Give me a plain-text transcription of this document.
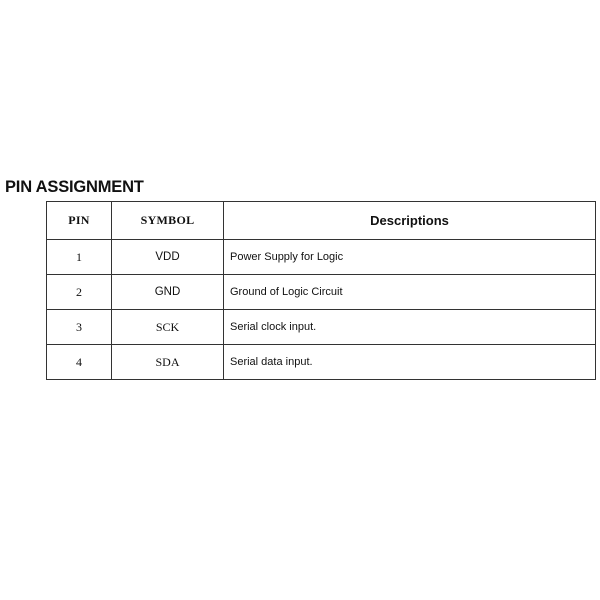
PIN ASSIGNMENT
PIN	SYMBOL	Descriptions
1	VDD	Power Supply for Logic
2	GND	Ground of Logic Circuit
3	SCK	Serial clock input.
4	SDA	Serial data input.
